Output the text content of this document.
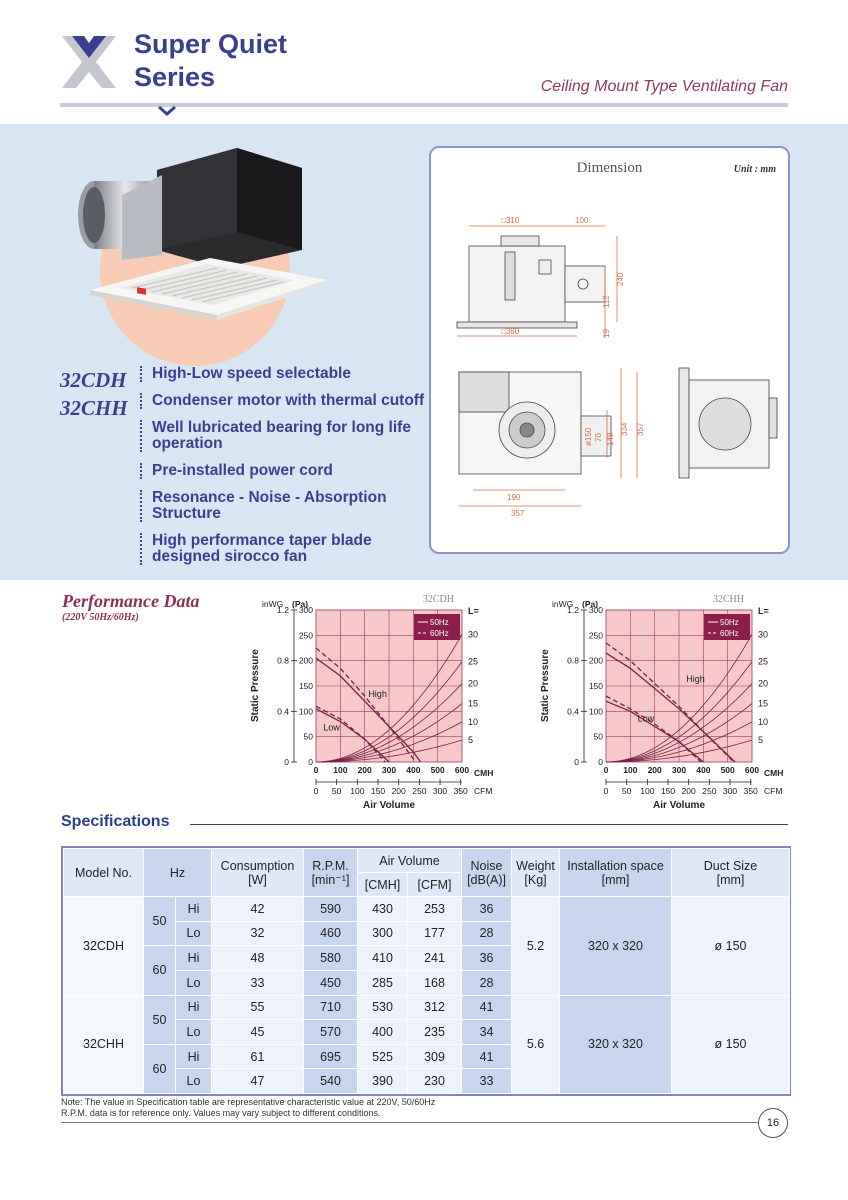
Super Quiet
Series	Ceiling Mount Type Ventilating Fan
32CDH
32CHH
High-Low speed selectable
Condenser motor with thermal cutoff
Well lubricated bearing for long life
operation
Pre-installed power cord
Resonance - Noise - Absorption
Structure
High performance taper blade
designed sirocco fan
□310	100
□380
240
112
19
190
357
334 357
148
70
ø150
Dimension	Unit : mm
Performance Data
(220V 50Hz/60Hz)
30
25
20
15
10
5
L=
High
Low
50Hz
60Hz
32CDH
0
50
100
150
200
250
300
0
0.4
0.8
1.2
inWG (Pa)
Static Pressure
0 100 200 300 400 500 600 CMH
0 50 100 150 200 250 300 350 CFM
Air Volume
30
25
20
15
10
5
L=
High
Low
50Hz
60Hz
32CHH
0
50
100
150
200
250
300
0
0.4
0.8
1.2
inWG (Pa)
Static Pressure
0 100 200 300 400 500 600 CMH
0 50 100 150 200 250 300 350 CFM
Air Volume
Specifications
Model No.	Hz		Consumption
[W]	R.P.M.
[min⁻¹]	Air Volume		Noise
[dB(A)]	Weight
[Kg]	Installation space
[mm]	Duct Size
[mm]
					[CMH]	[CFM]				
32CDH	50	Hi	42	590	430	253	36	5.2	320 x 320	ø 150
		Lo	32	460	300	177	28			
	60	Hi	48	580	410	241	36			
		Lo	33	450	285	168	28			
32CHH	50	Hi	55	710	530	312	41	5.6	320 x 320	ø 150
		Lo	45	570	400	235	34			
	60	Hi	61	695	525	309	41			
		Lo	47	540	390	230	33			
Note: The value in Specification table are representative characteristic value at 220V, 50/60Hz
R.P.M. data is for reference only. Values may vary subject to different conditions.
16
